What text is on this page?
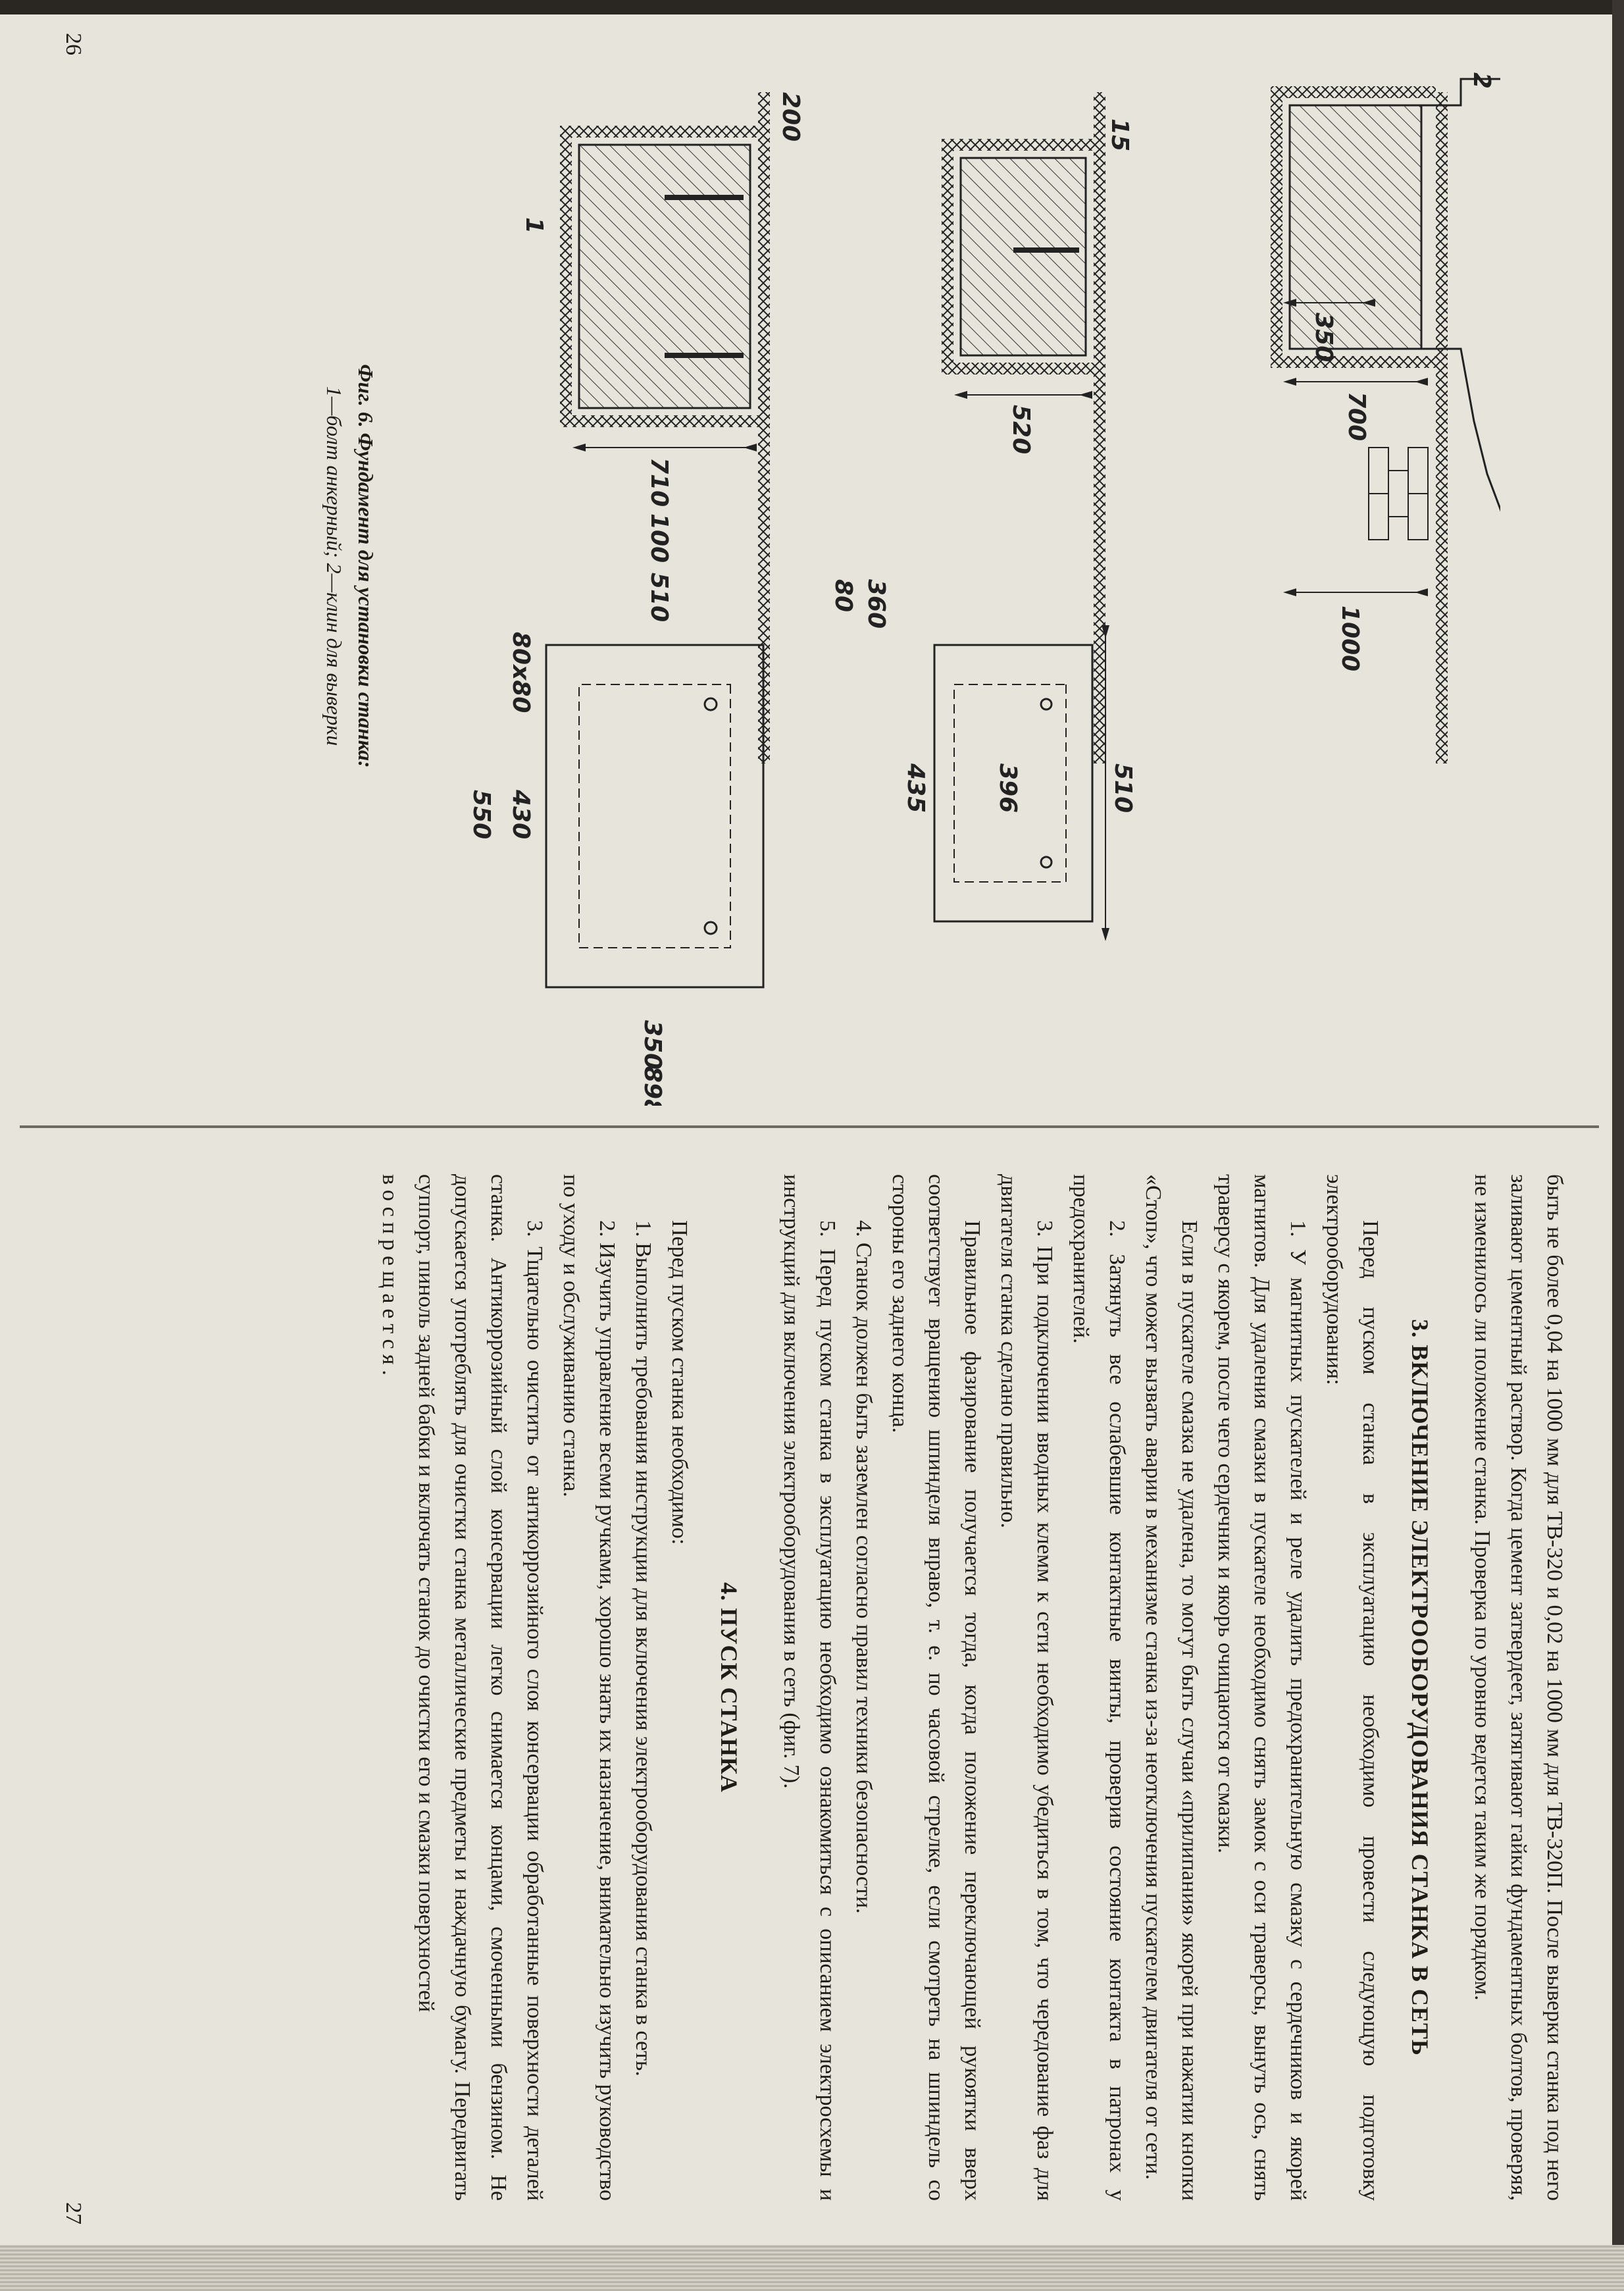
1000
700
350
2
520
15
510
396
435
360
80
710
100
510
200
80x80
430
550
350
898
1
Фиг. 6. Фундамент для установки станка:
1—болт анкерный; 2—клин для выверки
26

быть не более 0,04 на 1000 мм для ТВ-320 и 0,02 на 1000 мм для ТВ-320П. После выверки станка под него заливают цементный раствор. Когда цемент затвердеет, затягивают гайки фундаментных болтов, проверяя, не изменилось ли положение станка. Проверка по уровню ведется таким же порядком.

3. ВКЛЮЧЕНИЕ ЭЛЕКТРООБОРУДОВАНИЯ СТАНКА В СЕТЬ

Перед пуском станка в эксплуатацию необходимо провести следующую подготовку электрооборудования:

1. У магнитных пускателей и реле удалить предохранительную смазку с сердечников и якорей магнитов. Для удаления смазки в пускателе необходимо снять замок с оси траверсы, вынуть ось, снять траверсу с якорем, после чего сердечник и якорь очищаются от смазки.

Если в пускателе смазка не удалена, то могут быть случаи «прилипания» якорей при нажатии кнопки «Стоп», что может вызвать аварии в механизме станка из-за неотключения пускателем двигателя от сети.

2. Затянуть все ослабевшие контактные винты, проверив состояние контакта в патронах у предохранителей.

3. При подключении вводных клемм к сети необходимо убедиться в том, что чередование фаз для двигателя станка сделано правильно.

Правильное фазирование получается тогда, когда положение переключающей рукоятки вверх соответствует вращению шпинделя вправо, т. е. по часовой стрелке, если смотреть на шпиндель со стороны его заднего конца.

4. Станок должен быть заземлен согласно правил техники безопасности.

5. Перед пуском станка в эксплуатацию необходимо ознакомиться с описанием электросхемы и инструкций для включения электрооборудования в сеть (фиг. 7).

4. ПУСК СТАНКА

Перед пуском станка необходимо:

1. Выполнить требования инструкции для включения электрооборудования станка в сеть.

2. Изучить управление всеми ручками, хорошо знать их назначение, внимательно изучить руководство по уходу и обслуживанию станка.

3. Тщательно очистить от антикоррозийного слоя консервации обработанные поверхности деталей станка. Антикоррозийный слой консервации легко снимается концами, смоченными бензином. Не допускается употреблять для очистки станка металлические предметы и наждачную бумагу. Передвигать суппорт, пиноль задней бабки и включать станок до очистки его и смазки поверхностей

воспрещается.

27
